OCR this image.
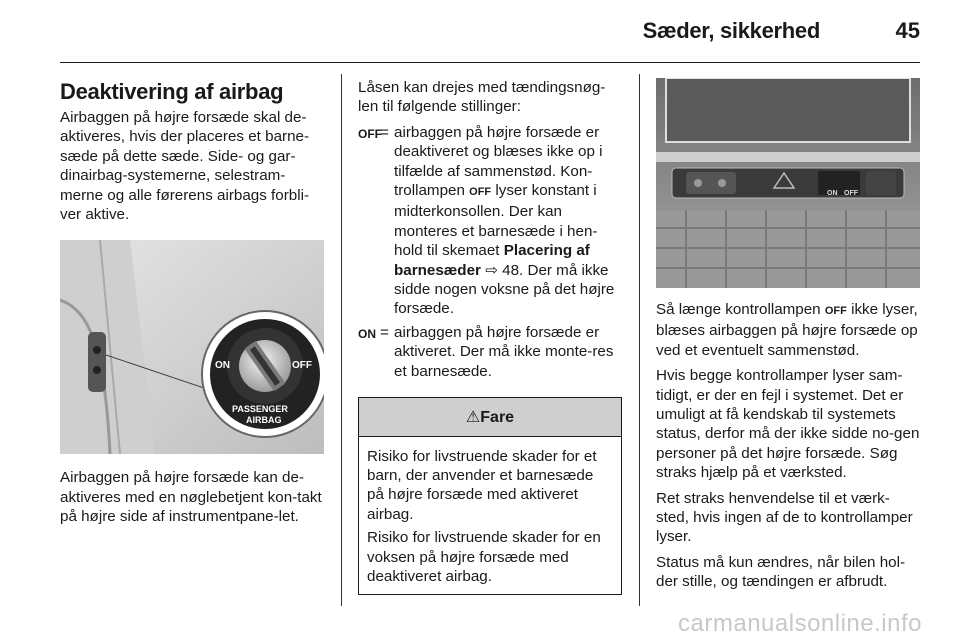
Sæder, sikkerhed	45
Deaktivering af airbag

Airbaggen på højre forsæde skal de-aktiveres, hvis der placeres et barne-sæde på dette sæde. Side- og gar-dinairbag-systemerne, selestram-merne og alle førerens airbags forbli-ver aktive.

ON	OFF
PASSENGER
AIRBAG

Airbaggen på højre forsæde kan de-aktiveres med en nøglebetjent kon-takt på højre side af instrumentpane-let.

Låsen kan drejes med tændingsnøg-len til følgende stillinger:

OFF
= airbaggen på højre forsæde er deaktiveret og blæses ikke op i tilfælde af sammenstød. Kon-trollampen OFF lyser konstant i midterkonsollen. Der kan monteres et barnesæde i hen-hold til skemaet Placering af barnesæder ⇨ 48. Der må ikke sidde nogen voksne på det højre forsæde.
ON = airbaggen på højre forsæde er aktiveret. Der må ikke monte-res et barnesæde.
⚠Fare

Risiko for livstruende skader for et barn, der anvender et barnesæde på højre forsæde med aktiveret airbag.

Risiko for livstruende skader for en voksen på højre forsæde med deaktiveret airbag.

ON OFF

Så længe kontrollampen OFF ikke lyser, blæses airbaggen på højre forsæde op ved et eventuelt sammenstød.

Hvis begge kontrollamper lyser sam-tidigt, er der en fejl i systemet. Det er umuligt at få kendskab til systemets status, derfor må der ikke sidde no-gen personer på det højre forsæde. Søg straks hjælp på et værksted.

Ret straks henvendelse til et værk-sted, hvis ingen af de to kontrollamper lyser.

Status må kun ændres, når bilen hol-der stille, og tændingen er afbrudt.

carmanualsonline.info
